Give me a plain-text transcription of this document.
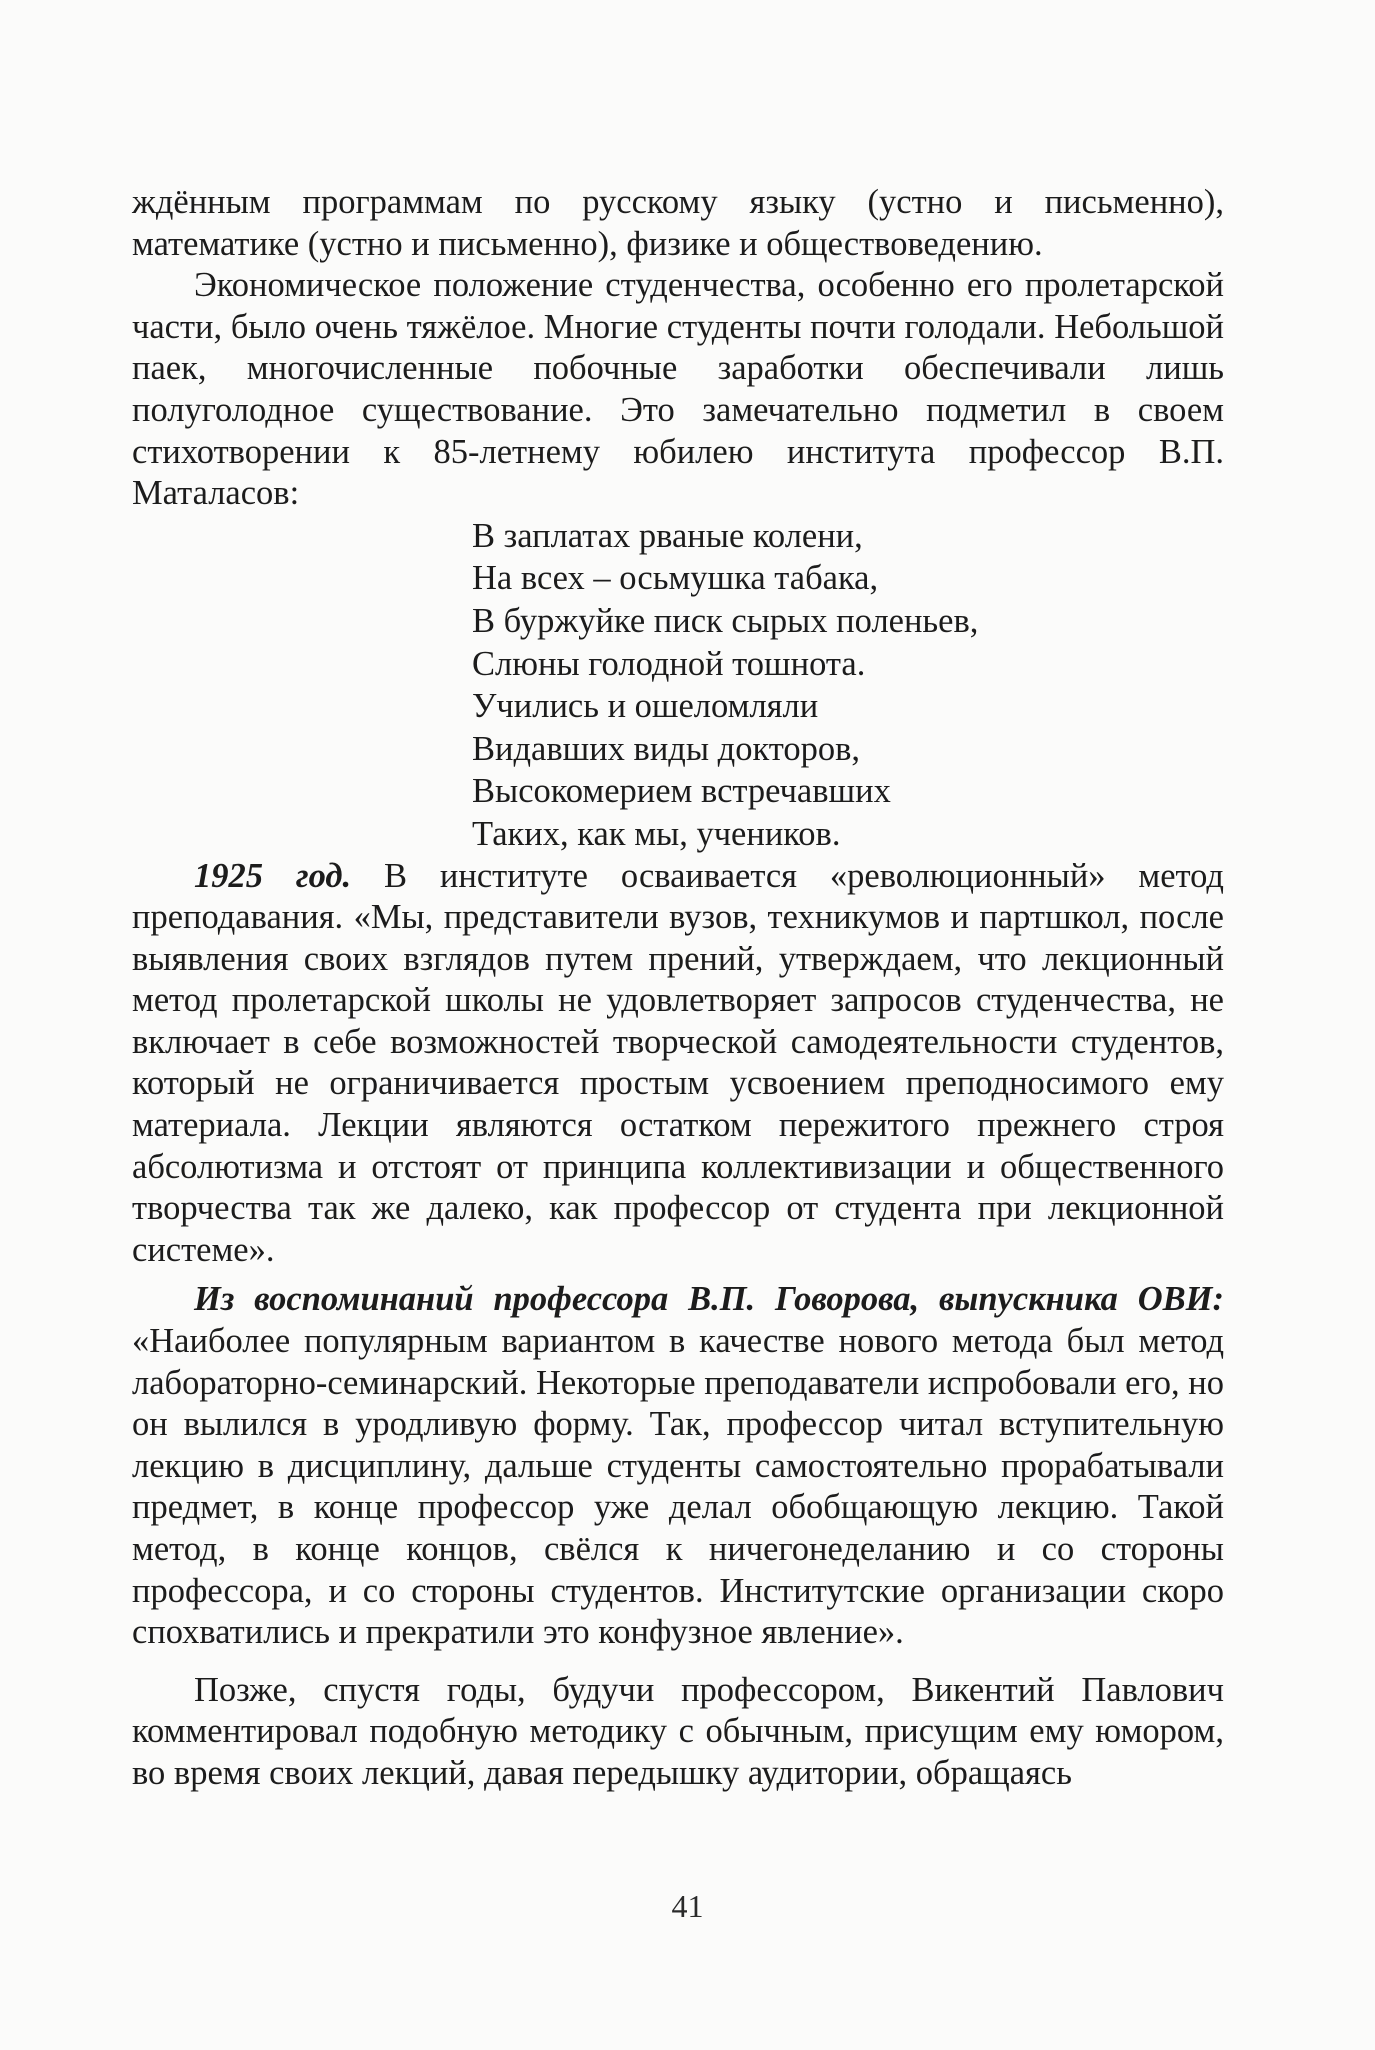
ждённым программам по русскому языку (устно и письменно), математике (устно и письменно), физике и обществоведению.

Экономическое положение студенчества, особенно его пролетарской части, было очень тяжёлое. Многие студенты почти голодали. Небольшой паек, многочисленные побочные заработки обеспечивали лишь полуголодное существование. Это замечательно подметил в своем стихотворении к 85-летнему юбилею института профессор В.П. Маталасов:

В заплатах рваные колени,
На всех – осьмушка табака,
В буржуйке писк сырых поленьев,
Слюны голодной тошнота.
Учились и ошеломляли
Видавших виды докторов,
Высокомерием встречавших
Таких, как мы, учеников.

1925 год. В институте осваивается «революционный» метод преподавания. «Мы, представители вузов, техникумов и партшкол, после выявления своих взглядов путем прений, утверждаем, что лекционный метод пролетарской школы не удовлетворяет запросов студенчества, не включает в себе возможностей творческой самодеятельности студентов, который не ограничивается простым усвоением преподносимого ему материала. Лекции являются остатком пережитого прежнего строя абсолютизма и отстоят от принципа коллективизации и общественного творчества так же далеко, как профессор от студента при лекционной системе».

Из воспоминаний профессора В.П. Говорова, выпускника ОВИ: «Наиболее популярным вариантом в качестве нового метода был метод лабораторно-семинарский. Некоторые преподаватели испробовали его, но он вылился в уродливую форму. Так, профессор читал вступительную лекцию в дисциплину, дальше студенты самостоятельно прорабатывали предмет, в конце профессор уже делал обобщающую лекцию. Такой метод, в конце концов, свёлся к ничегонеделанию и со стороны профессора, и со стороны студентов. Институтские организации скоро спохватились и прекратили это конфузное явление».

Позже, спустя годы, будучи профессором, Викентий Павлович комментировал подобную методику с обычным, присущим ему юмором, во время своих лекций, давая передышку аудитории, обращаясь

41
